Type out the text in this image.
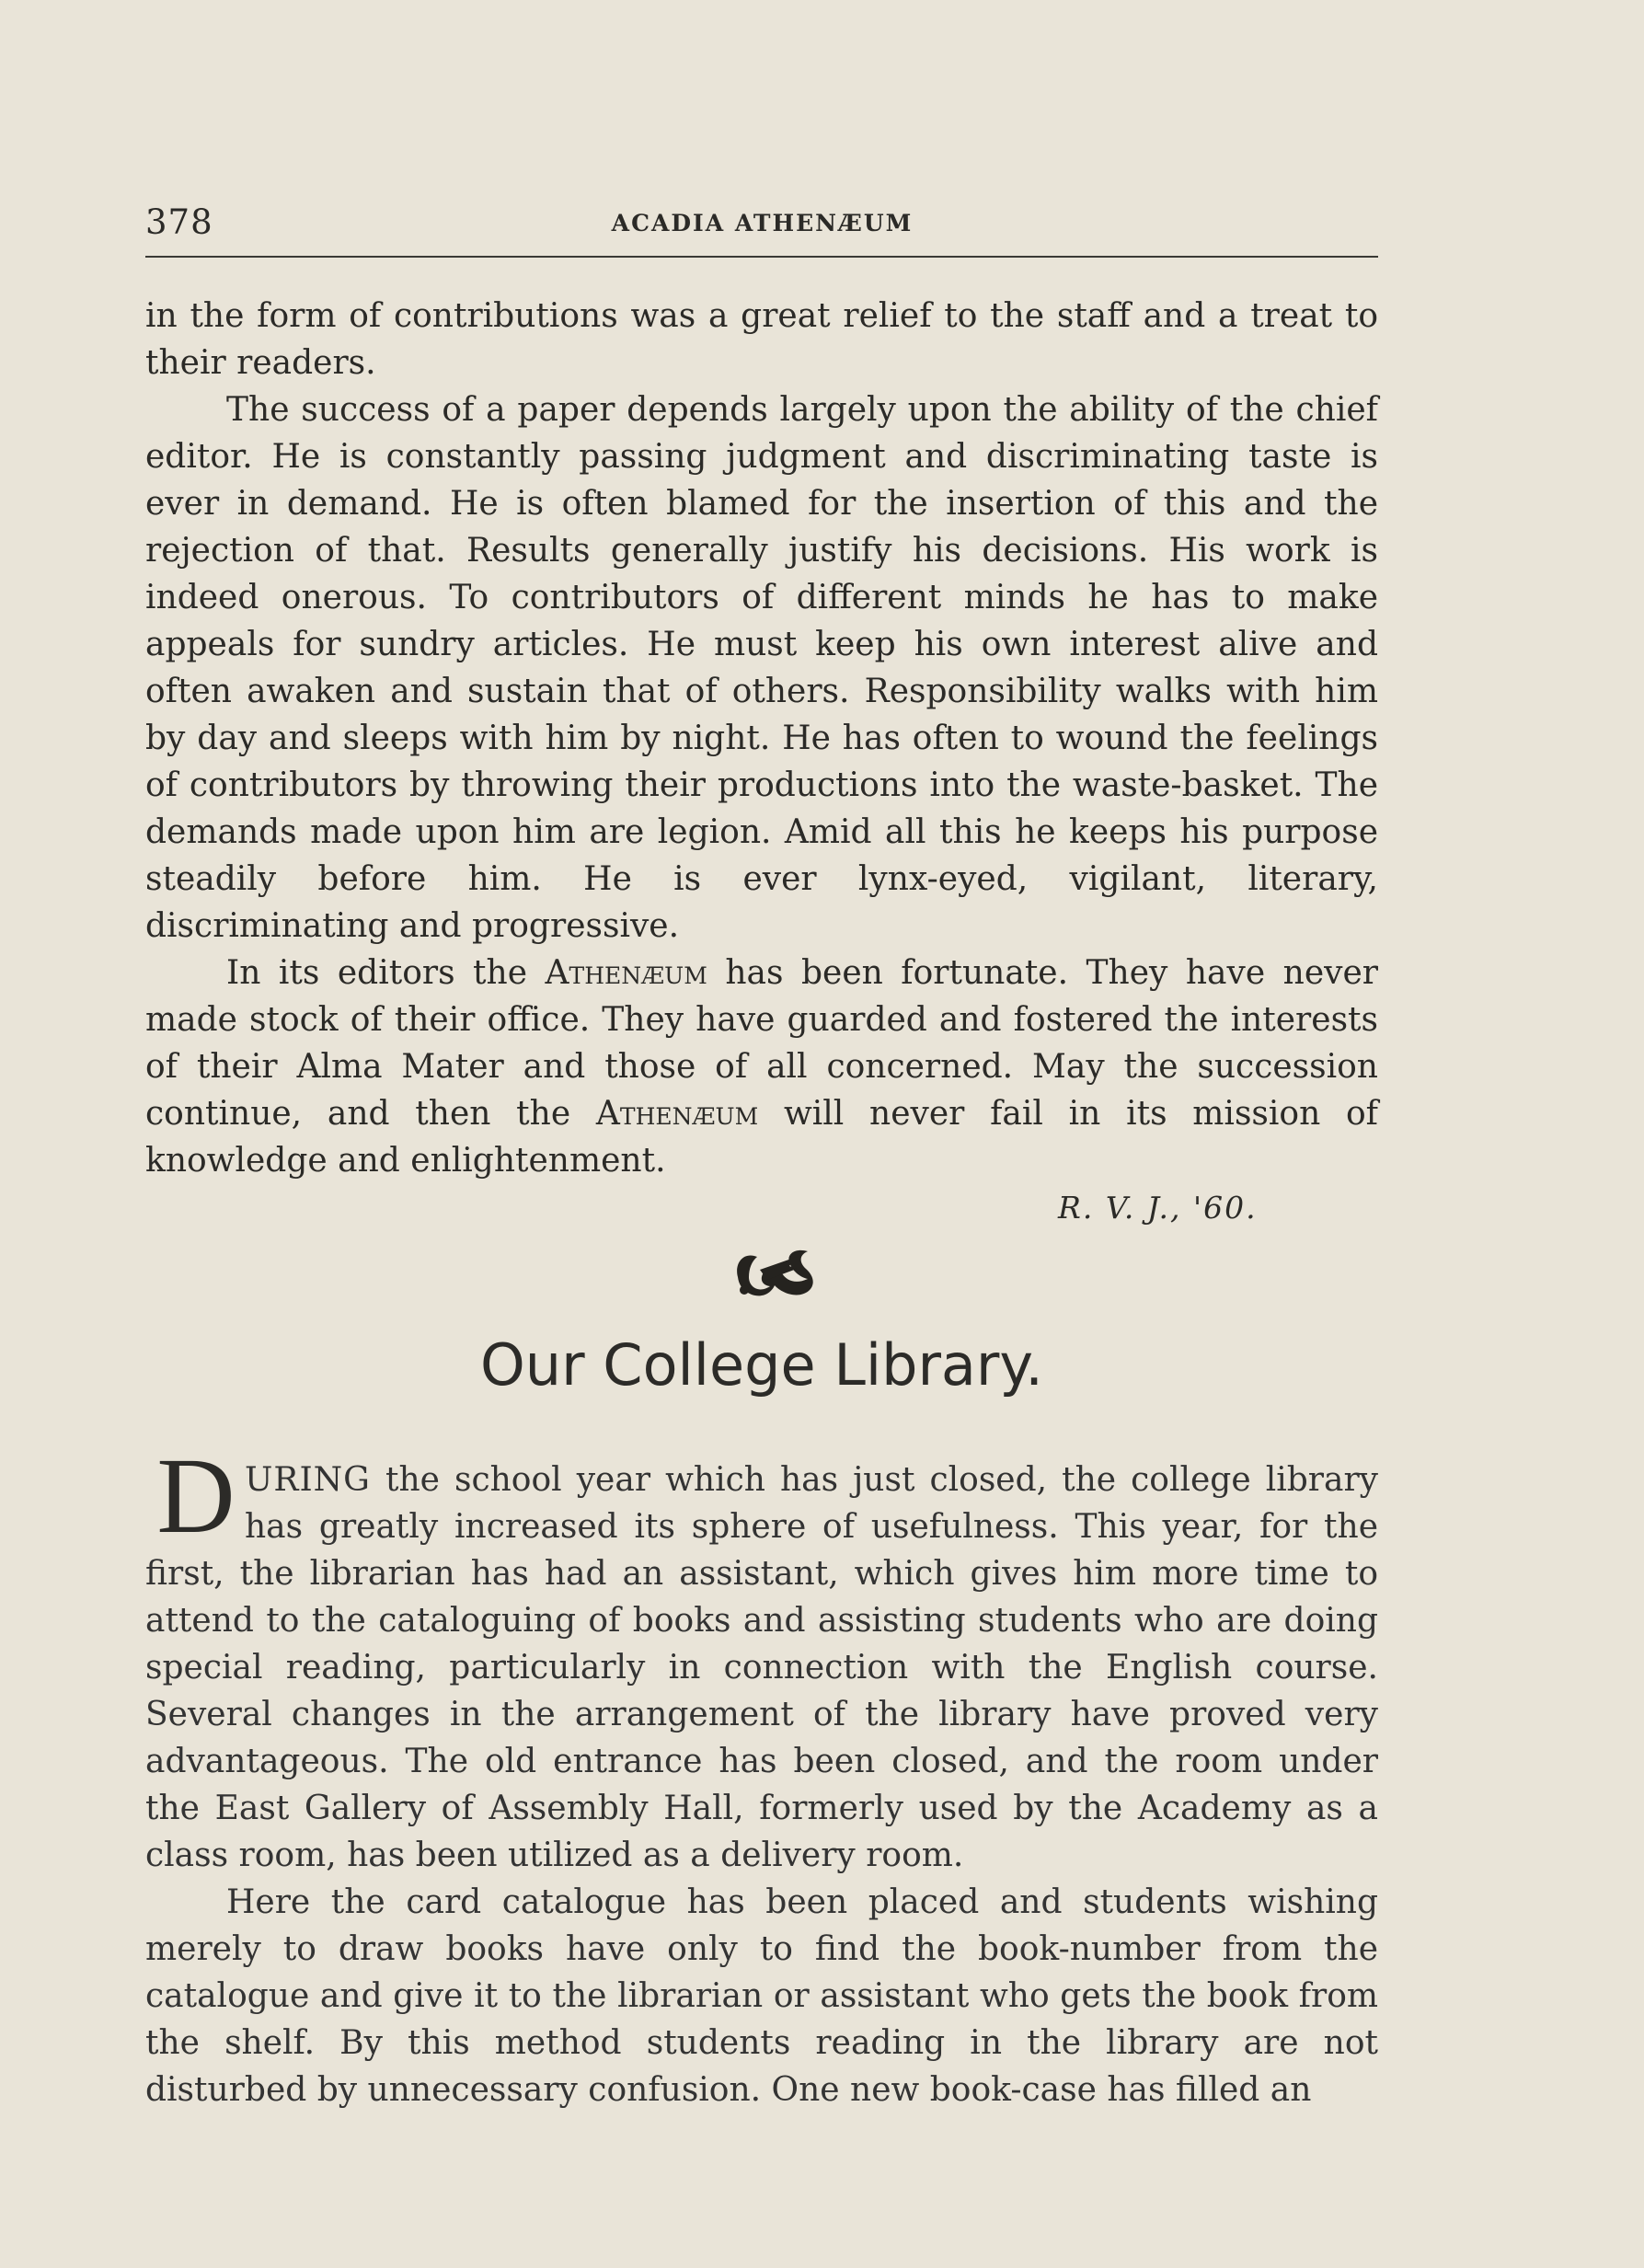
378	ACADIA ATHENÆUM

in the form of contributions was a great relief to the staff and a treat to their readers.

The success of a paper depends largely upon the ability of the chief editor. He is constantly passing judgment and discriminating taste is ever in demand. He is often blamed for the insertion of this and the rejection of that. Results generally justify his decisions. His work is indeed onerous. To contributors of different minds he has to make appeals for sundry articles. He must keep his own interest alive and often awaken and sustain that of others. Responsibility walks with him by day and sleeps with him by night. He has often to wound the feelings of contributors by throwing their productions into the waste-basket. The demands made upon him are legion. Amid all this he keeps his purpose steadily before him. He is ever lynx-eyed, vigilant, literary, discriminating and progressive.

In its editors the Athenæum has been fortunate. They have never made stock of their office. They have guarded and fostered the interests of their Alma Mater and those of all concerned. May the succession continue, and then the Athenæum will never fail in its mission of knowledge and enlightenment.

R. V. J., '60.
Our College Library.
D URING the school year which has just closed, the college library has greatly increased its sphere of usefulness. This year, for the first, the librarian has had an assistant, which gives him more time to attend to the cataloguing of books and assisting students who are doing special reading, particularly in connection with the English course. Several changes in the arrangement of the library have proved very advantageous. The old entrance has been closed, and the room under the East Gallery of Assembly Hall, formerly used by the Academy as a class room, has been utilized as a delivery room.

Here the card catalogue has been placed and students wishing merely to draw books have only to find the book-number from the catalogue and give it to the librarian or assistant who gets the book from the shelf. By this method students reading in the library are not disturbed by unnecessary confusion. One new book-case has filled an
